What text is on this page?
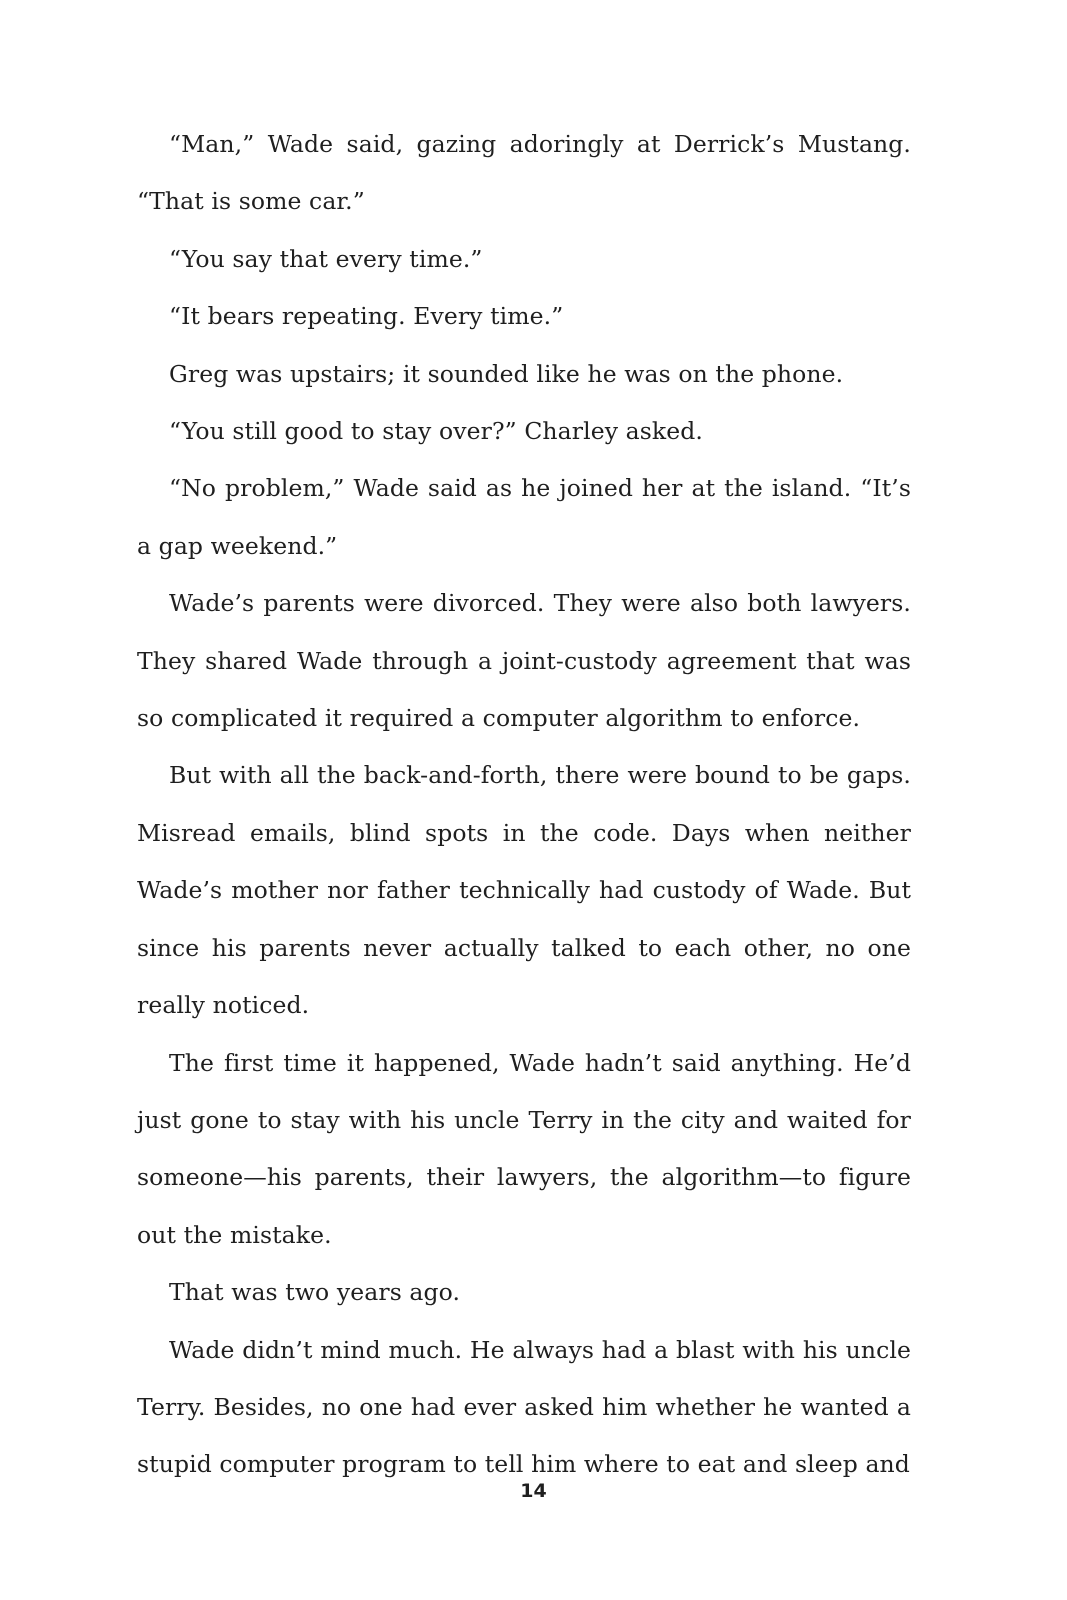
“Man,” Wade said, gazing adoringly at Derrick’s Mustang. “That is some car.”

“You say that every time.”

“It bears repeating. Every time.”

Greg was upstairs; it sounded like he was on the phone.

“You still good to stay over?” Charley asked.

“No problem,” Wade said as he joined her at the island. “It’s a gap weekend.”

Wade’s parents were divorced. They were also both lawyers. They shared Wade through a joint-custody agreement that was so complicated it required a computer algorithm to enforce.

But with all the back-and-forth, there were bound to be gaps. Misread emails, blind spots in the code. Days when neither Wade’s mother nor father technically had custody of Wade. But since his parents never actually talked to each other, no one really noticed.

The first time it happened, Wade hadn’t said anything. He’d just gone to stay with his uncle Terry in the city and waited for someone—his parents, their lawyers, the algorithm—to figure out the mistake.

That was two years ago.

Wade didn’t mind much. He always had a blast with his uncle Terry. Besides, no one had ever asked him whether he wanted a stupid computer program to tell him where to eat and sleep and

14
